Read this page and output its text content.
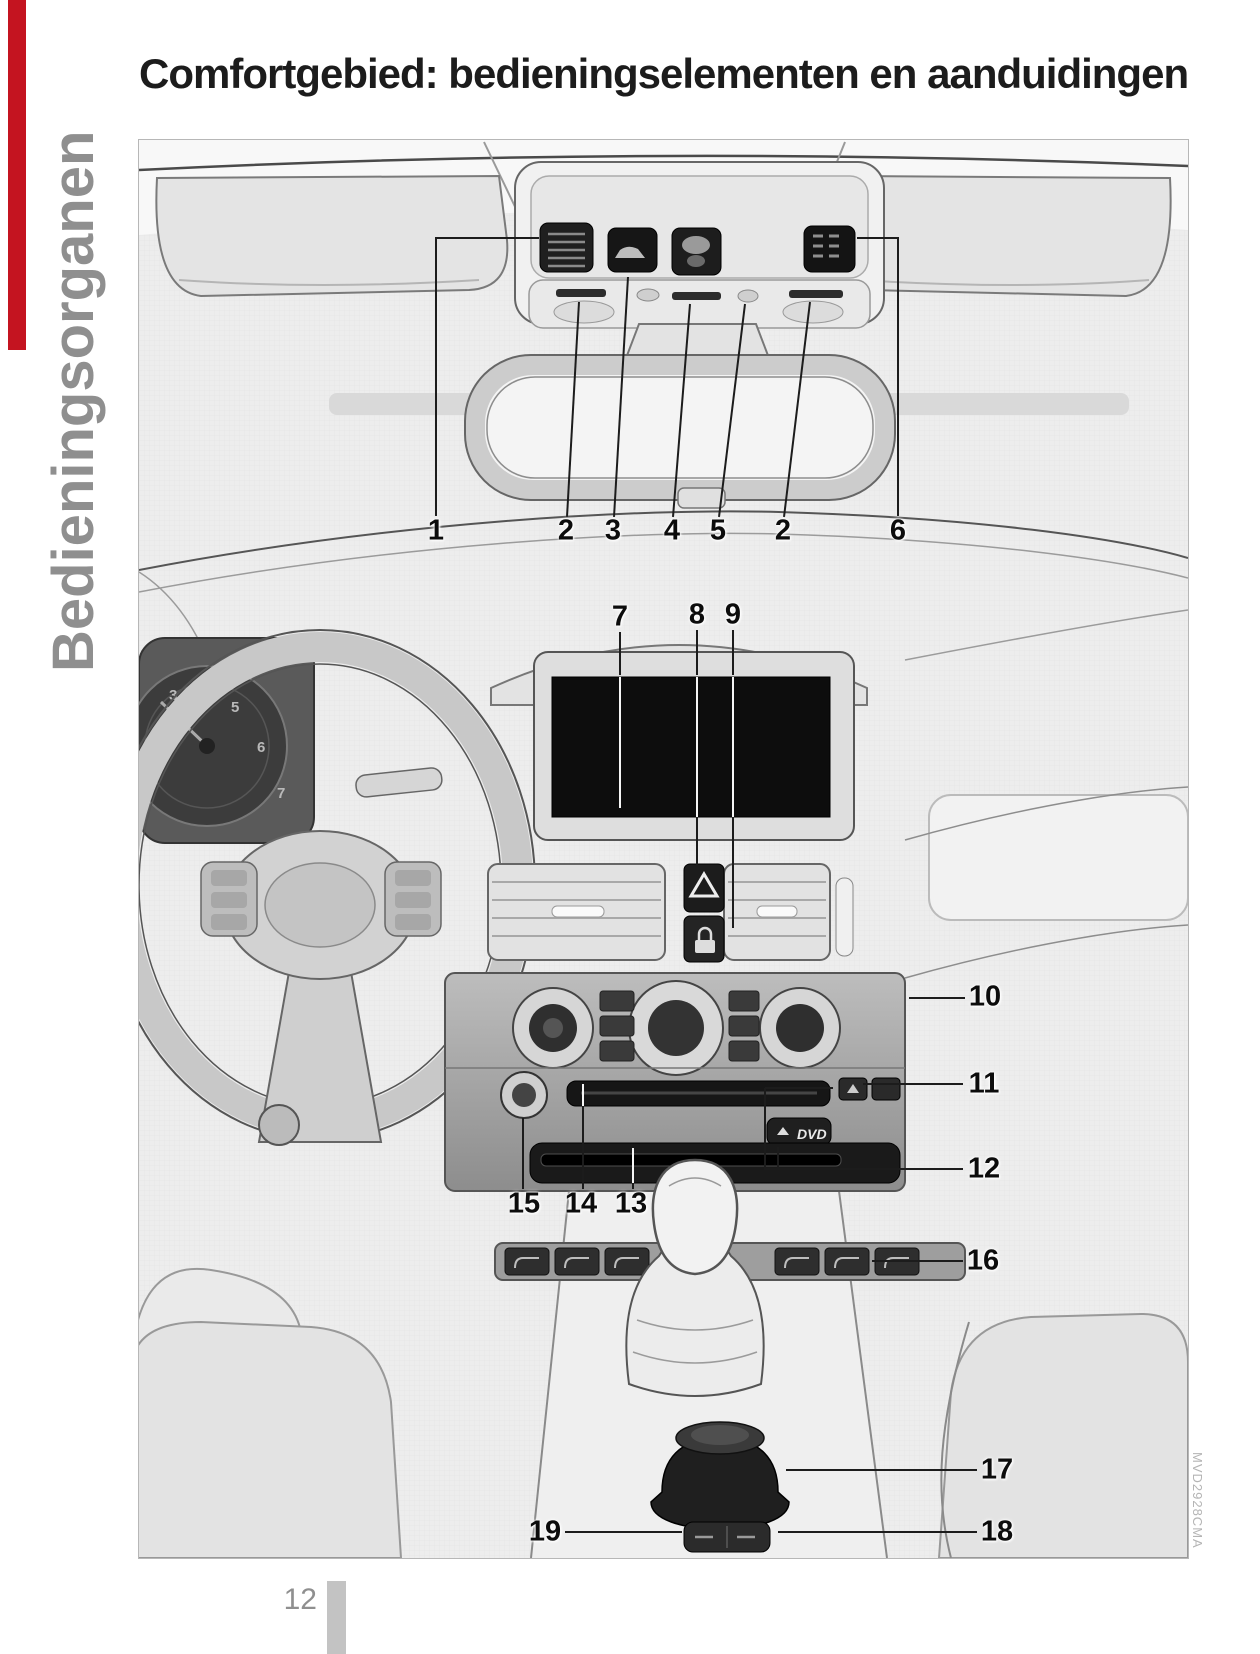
Bedieningsorganen
Comfortgebied: bedieningselementen en aanduidingen
3
4
5
6
7
DVD
1	2 3 4 5 2	6
7 8 9
10
11
12
13
14
15
16
17
18
19	MVD2928CMA
12
